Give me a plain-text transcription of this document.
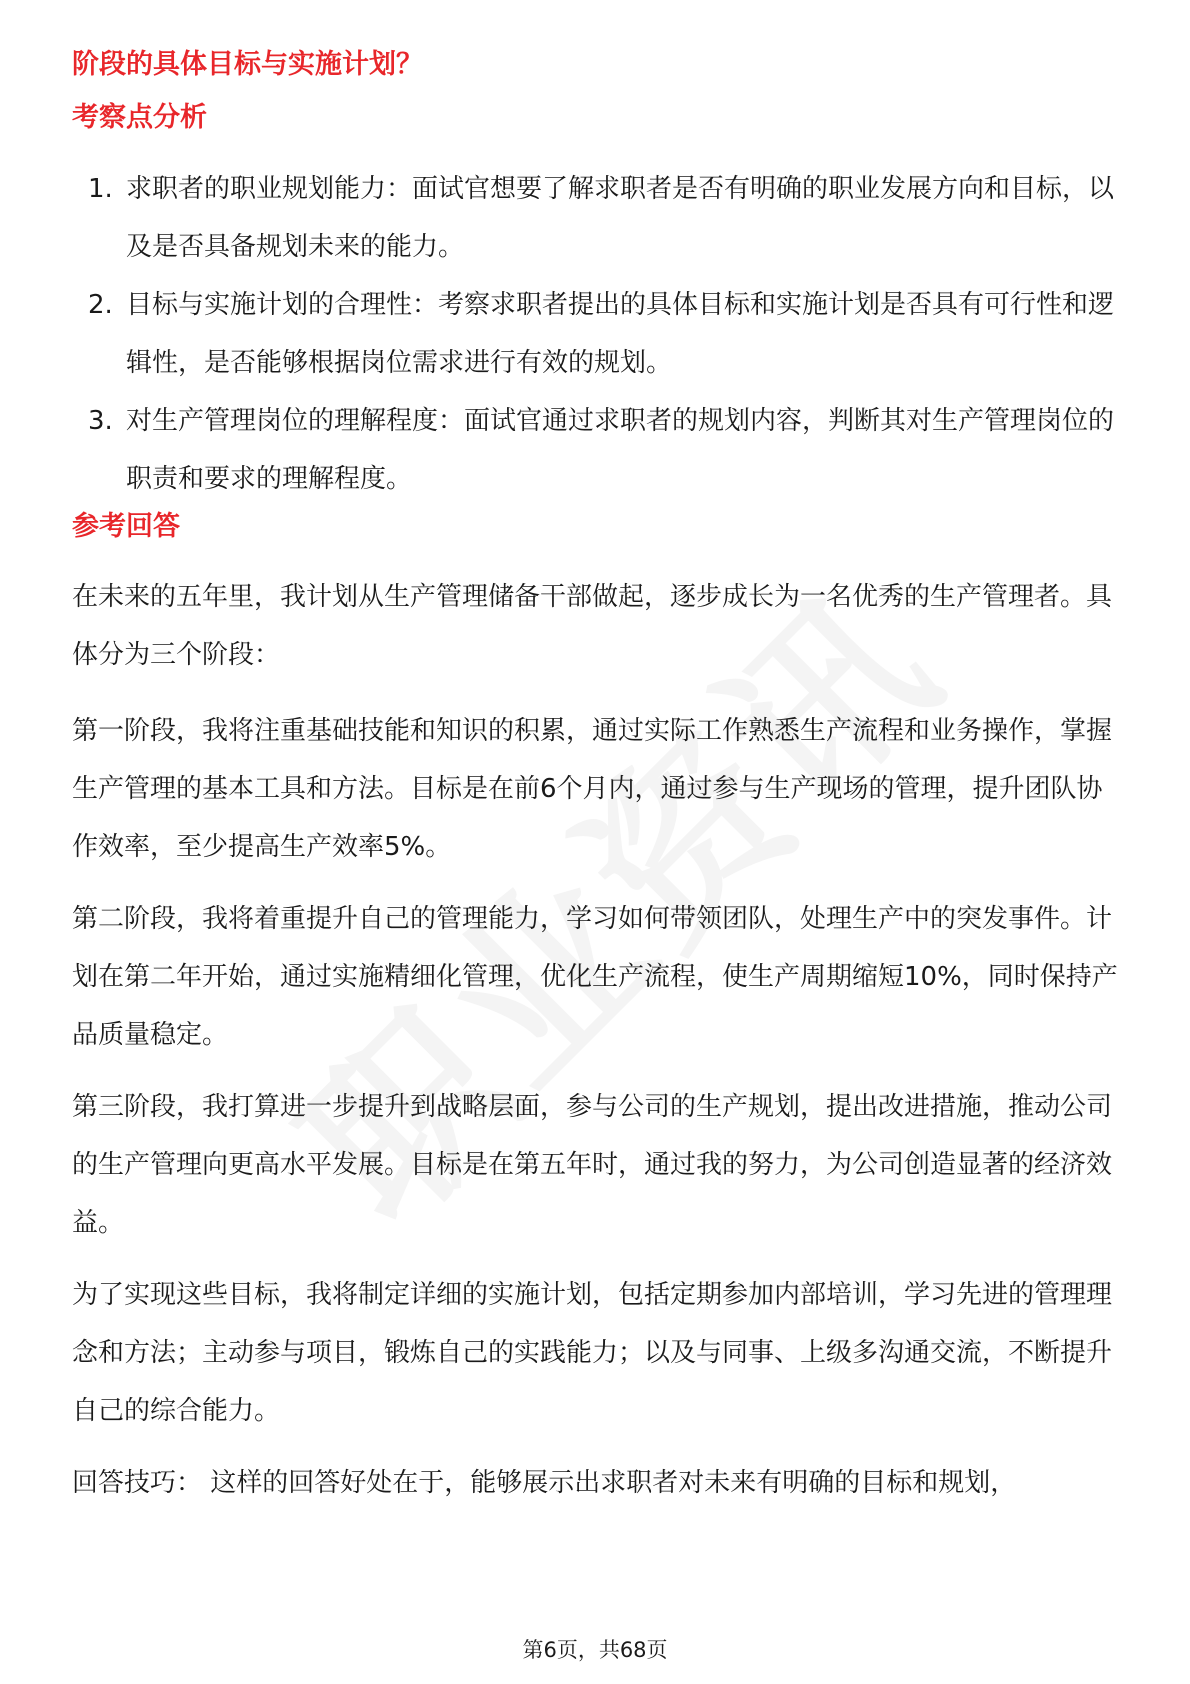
阶段的具体目标与实施计划？
考察点分析
1. 求职者的职业规划能力：面试官想要了解求职者是否有明确的职业发展方向和目标，以及是否具备规划未来的能力。
2. 目标与实施计划的合理性：考察求职者提出的具体目标和实施计划是否具有可行性和逻辑性，是否能够根据岗位需求进行有效的规划。
3. 对生产管理岗位的理解程度：面试官通过求职者的规划内容，判断其对生产管理岗位的职责和要求的理解程度。
参考回答

在未来的五年里，我计划从生产管理储备干部做起，逐步成长为一名优秀的生产管理者。具体分为三个阶段：

第一阶段，我将注重基础技能和知识的积累，通过实际工作熟悉生产流程和业务操作，掌握生产管理的基本工具和方法。目标是在前6个月内，通过参与生产现场的管理，提升团队协作效率，至少提高生产效率5%。

第二阶段，我将着重提升自己的管理能力，学习如何带领团队，处理生产中的突发事件。计划在第二年开始，通过实施精细化管理，优化生产流程，使生产周期缩短10%，同时保持产品质量稳定。

第三阶段，我打算进一步提升到战略层面，参与公司的生产规划，提出改进措施，推动公司的生产管理向更高水平发展。目标是在第五年时，通过我的努力，为公司创造显著的经济效益。

为了实现这些目标，我将制定详细的实施计划，包括定期参加内部培训，学习先进的管理理念和方法；主动参与项目，锻炼自己的实践能力；以及与同事、上级多沟通交流，不断提升自己的综合能力。

回答技巧： 这样的回答好处在于，能够展示出求职者对未来有明确的目标和规划，

第6页，共68页
